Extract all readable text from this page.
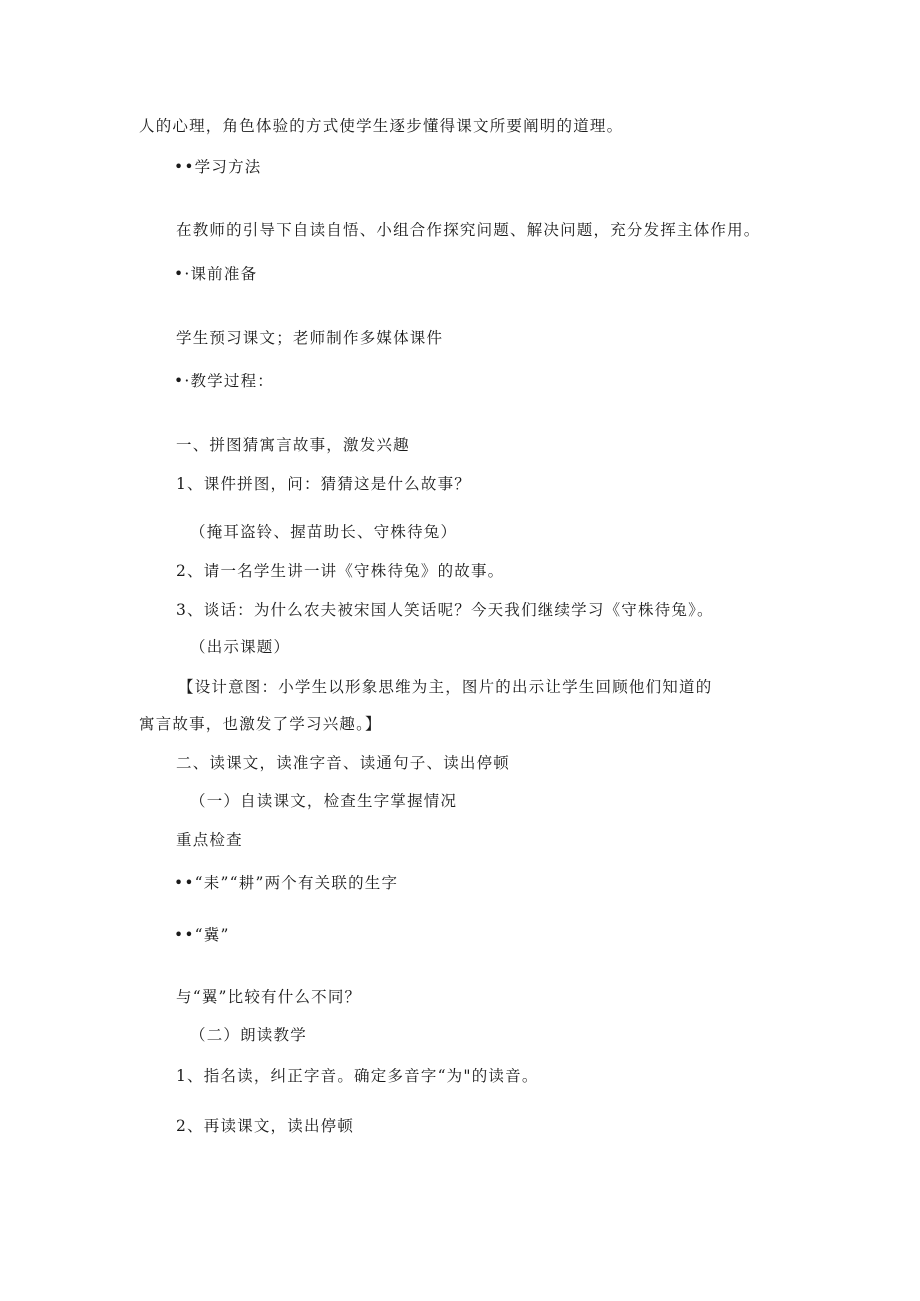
人的心理，角色体验的方式使学生逐步懂得课文所要阐明的道理。
••学习方法
在教师的引导下自读自悟、小组合作探究问题、解决问题，充分发挥主体作用。
•·课前准备
学生预习课文；老师制作多媒体课件
•·教学过程：
一、拼图猜寓言故事，激发兴趣
1、课件拼图，问：猜猜这是什么故事？
（掩耳盗铃、握苗助长、守株待兔）
2、请一名学生讲一讲《守株待兔》的故事。
3、谈话：为什么农夫被宋国人笑话呢？今天我们继续学习《守株待兔》。
（出示课题）
【设计意图：小学生以形象思维为主，图片的出示让学生回顾他们知道的
寓言故事，也激发了学习兴趣。】
二、读课文，读准字音、读通句子、读出停顿
（一）自读课文，检查生字掌握情况
重点检查
••“耒”“耕”两个有关联的生字
••“冀”
与“翼”比较有什么不同？
（二）朗读教学
1、指名读，纠正字音。确定多音字“为"的读音。
2、再读课文，读出停顿
